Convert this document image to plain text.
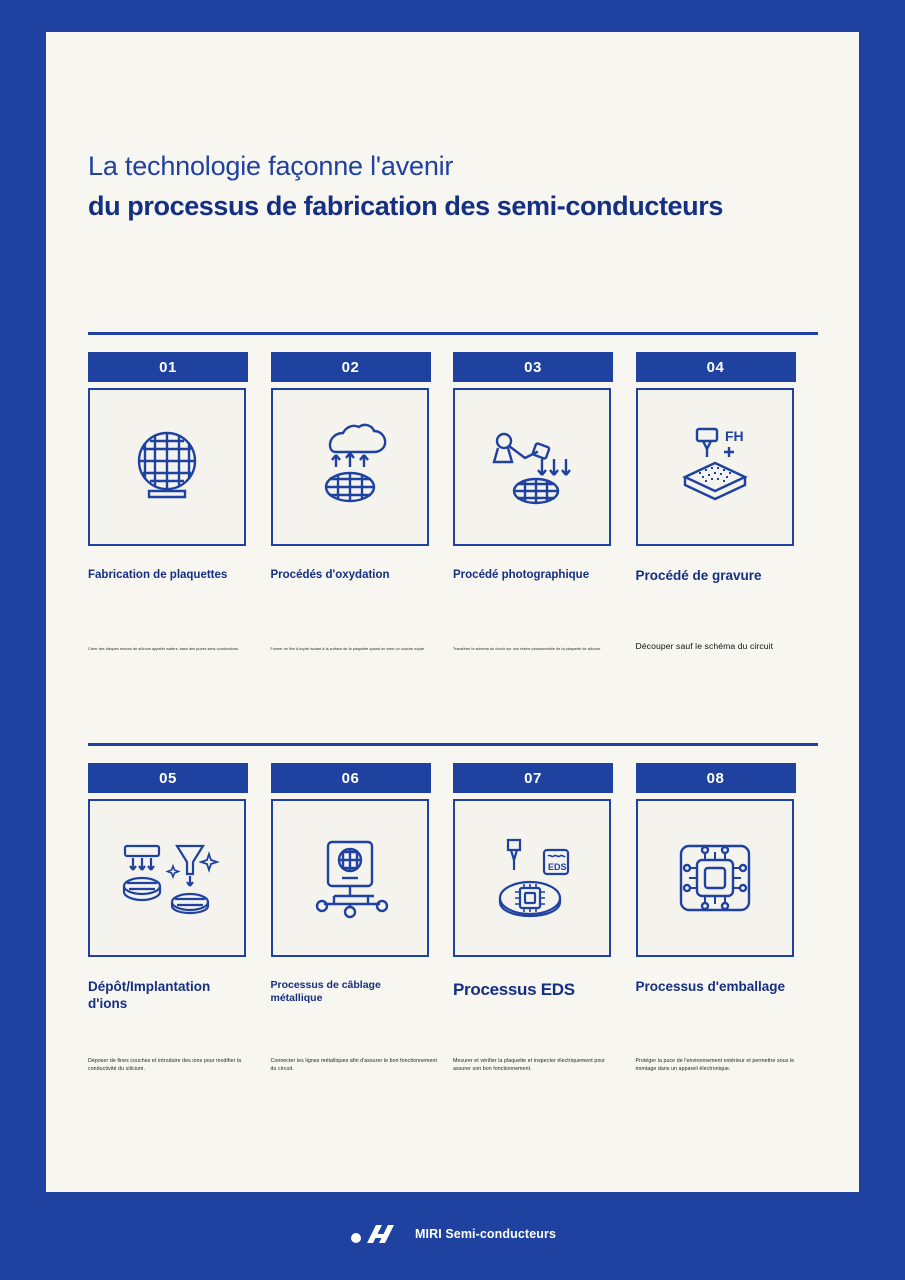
La technologie façonne l'avenir
du processus de fabrication des semi-conducteurs
01
Fabrication de plaquettes
Créer des disques minces de silicium appelés wafers, base des puces semi-conductrices.
02
Procédés d'oxydation
Former un film d'oxyde isolant à la surface de la plaquette quand on vient un couche oxyde.
03
Procédé photographique
Transférer le schéma du circuit sur une résine photosensible de la plaquette de silicium.
04
FH
Procédé de gravure
Découper sauf le schéma du circuit
05
Dépôt/Implantation d'ions
Déposer de fines couches et introduire des ions pour modifier la conductivité du silicium.
06
Processus de câblage métallique
Connecter les lignes métalliques afin d'assurer le bon fonctionnement du circuit.
07
EDS
Processus EDS
Mesurer et vérifier la plaquette et inspecter électriquement pour assurer son bon fonctionnement.
08
Processus d'emballage
Protéger la puce de l'environnement extérieur et permettre sous le montage dans un appareil électronique.
MIRI Semi-conducteurs
